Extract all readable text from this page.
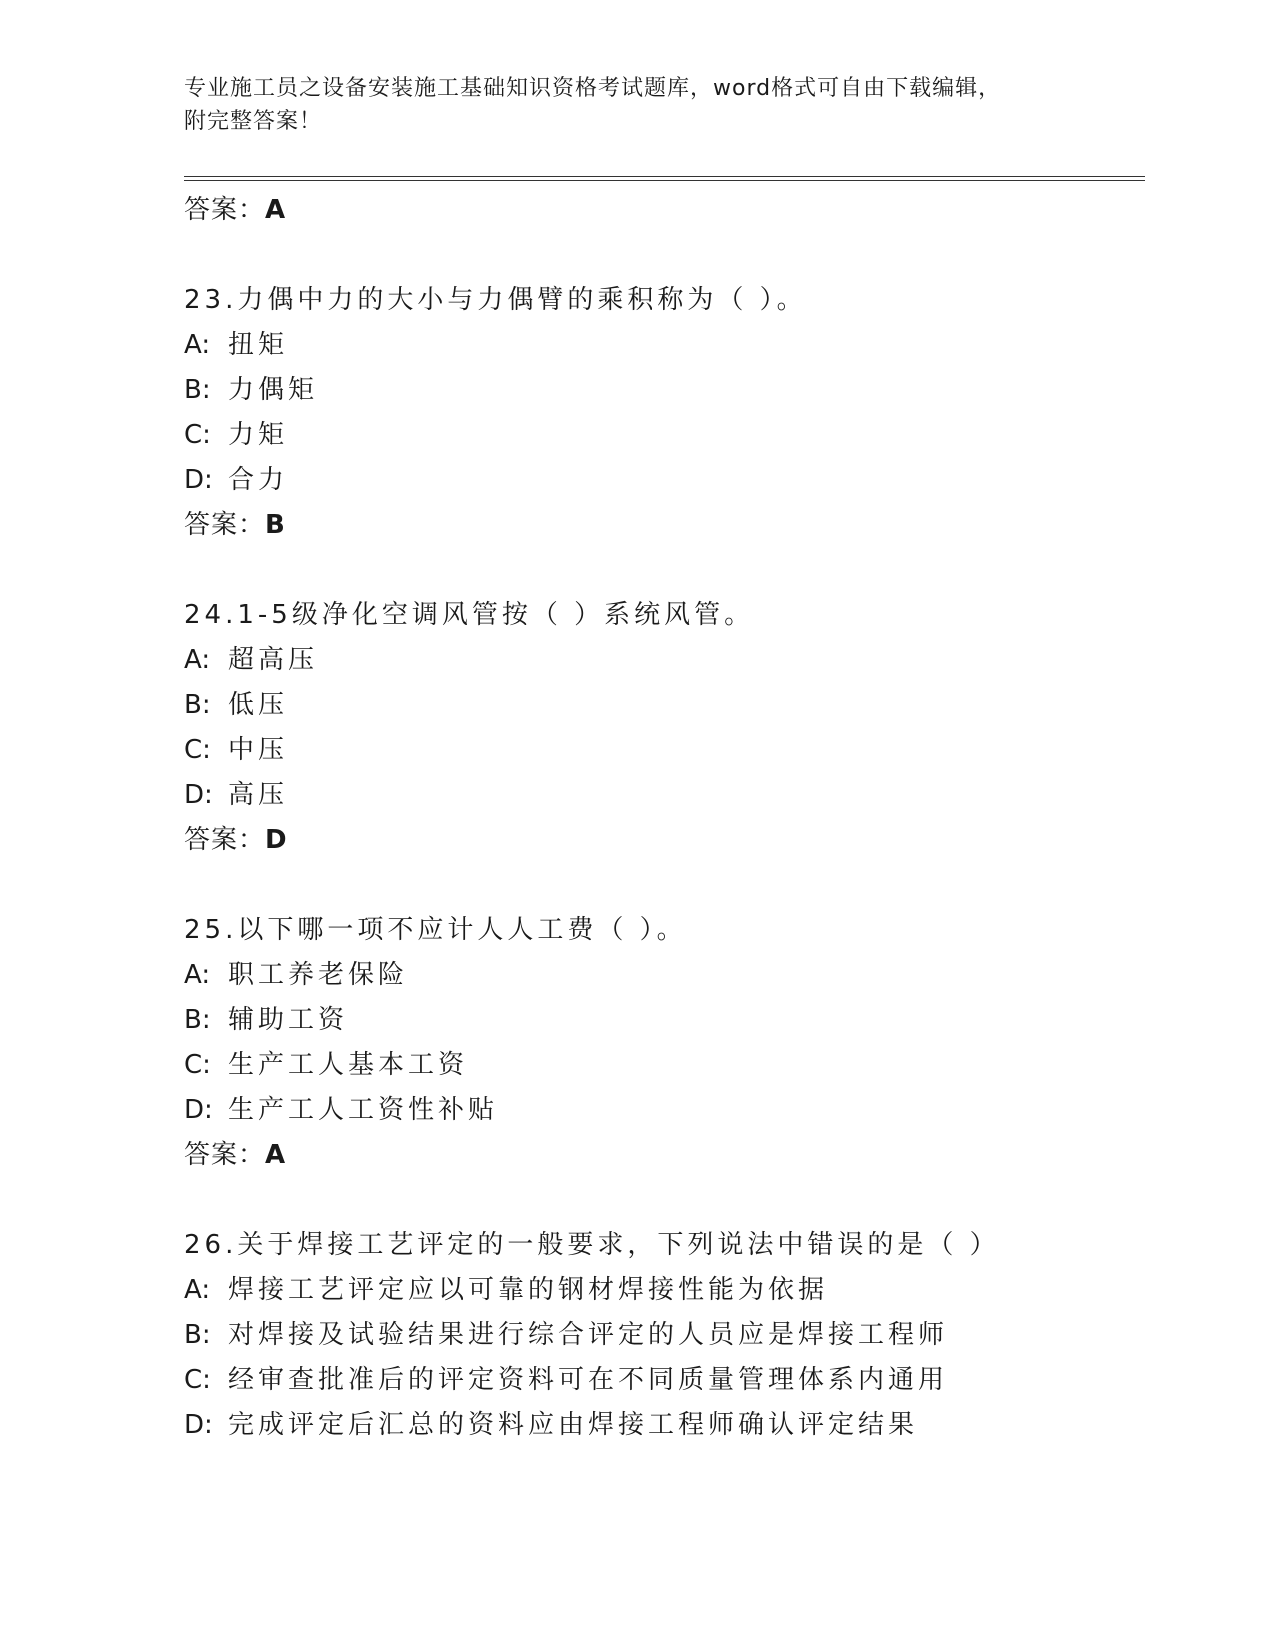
专业施工员之设备安装施工基础知识资格考试题库，word格式可自由下载编辑，
附完整答案！
答案：A
23.力偶中力的大小与力偶臂的乘积称为（ ）。
A: 扭矩
B: 力偶矩
C: 力矩
D: 合力
答案：B
24.1-5级净化空调风管按（ ）系统风管。
A: 超高压
B: 低压
C: 中压
D: 高压
答案：D
25.以下哪一项不应计人人工费（ ）。
A: 职工养老保险
B: 辅助工资
C: 生产工人基本工资
D: 生产工人工资性补贴
答案：A
26.关于焊接工艺评定的一般要求，下列说法中错误的是（ ）
A: 焊接工艺评定应以可靠的钢材焊接性能为依据
B: 对焊接及试验结果进行综合评定的人员应是焊接工程师
C: 经审查批准后的评定资料可在不同质量管理体系内通用
D: 完成评定后汇总的资料应由焊接工程师确认评定结果
